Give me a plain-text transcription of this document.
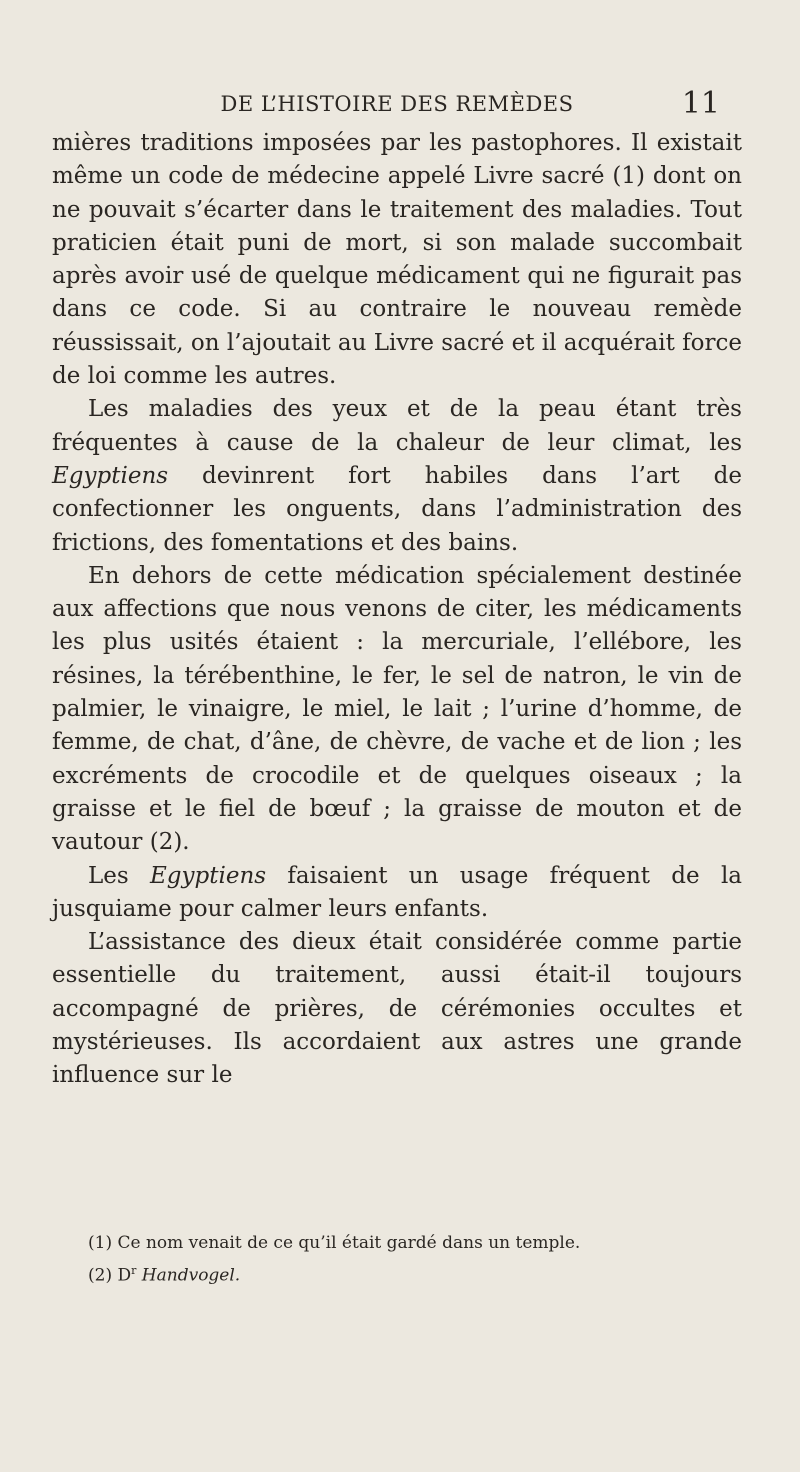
DE L’HISTOIRE DES REMÈDES	11

mières traditions imposées par les pastophores. Il existait même un code de médecine appelé Livre sacré (1) dont on ne pouvait s’écarter dans le traitement des maladies. Tout praticien était puni de mort, si son malade succombait après avoir usé de quelque médicament qui ne figurait pas dans ce code. Si au contraire le nouveau remède réussissait, on l’ajoutait au Livre sacré et il acquérait force de loi comme les autres.

Les maladies des yeux et de la peau étant très fréquentes à cause de la chaleur de leur climat, les Egyptiens devinrent fort habiles dans l’art de confectionner les onguents, dans l’administration des frictions, des fomentations et des bains.

En dehors de cette médication spécialement destinée aux affections que nous venons de citer, les médicaments les plus usités étaient : la mercuriale, l’ellébore, les résines, la térébenthine, le fer, le sel de natron, le vin de palmier, le vinaigre, le miel, le lait ; l’urine d’homme, de femme, de chat, d’âne, de chèvre, de vache et de lion ; les excréments de crocodile et de quelques oiseaux ; la graisse et le fiel de bœuf ; la graisse de mouton et de vautour (2).

Les Egyptiens faisaient un usage fréquent de la jusquiame pour calmer leurs enfants.

L’assistance des dieux était considérée comme partie essentielle du traitement, aussi était-il toujours accompagné de prières, de cérémonies occultes et mystérieuses. Ils accordaient aux astres une grande influence sur le

(1) Ce nom venait de ce qu’il était gardé dans un temple.

(2) D$^r$ Handvogel.
